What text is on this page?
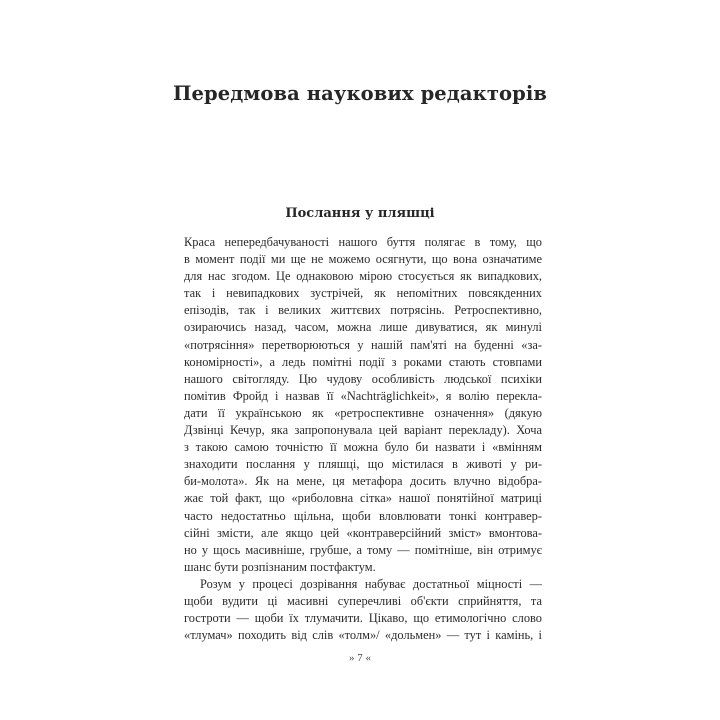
Передмова наукових редакторів
Послання у пляшці
Краса непередбачуваності нашого буття полягає в тому, що
в момент події ми ще не можемо осягнути, що вона означатиме
для нас згодом. Це однаковою мірою стосується як випадкових,
так і невипадкових зустрічей, як непомітних повсякденних
епізодів, так і великих життєвих потрясінь. Ретроспективно,
озираючись назад, часом, можна лише дивуватися, як минулі
«потрясіння» перетворюються у нашій пам'яті на буденні «за-
кономірності», а ледь помітні події з роками стають стовпами
нашого світогляду. Цю чудову особливість людської психіки
помітив Фройд і назвав її «Nachträglichkeit», я волію перекла-
дати її українською як «ретроспективне означення» (дякую
Дзвінці Кечур, яка запропонувала цей варіант перекладу). Хоча
з такою самою точністю її можна було би назвати і «вмінням
знаходити послання у пляшці, що містилася в животі у ри-
би-молота». Як на мене, ця метафора досить влучно відобра-
жає той факт, що «риболовна сітка» нашої понятійної матриці
часто недостатньо щільна, щоби вловлювати тонкі контравер-
сійні змісти, але якщо цей «контраверсійний зміст» вмонтова-
но у щось масивніше, грубше, а тому — помітніше, він отримує
шанс бути розпізнаним постфактум.
Розум у процесі дозрівання набуває достатньої міцності —
щоби вудити ці масивні суперечливі об'єкти сприйняття, та
гостроти — щоби їх тлумачити. Цікаво, що етимологічно слово
«тлумач» походить від слів «толм»/ «дольмен» — тут і камінь, і
» 7 «
